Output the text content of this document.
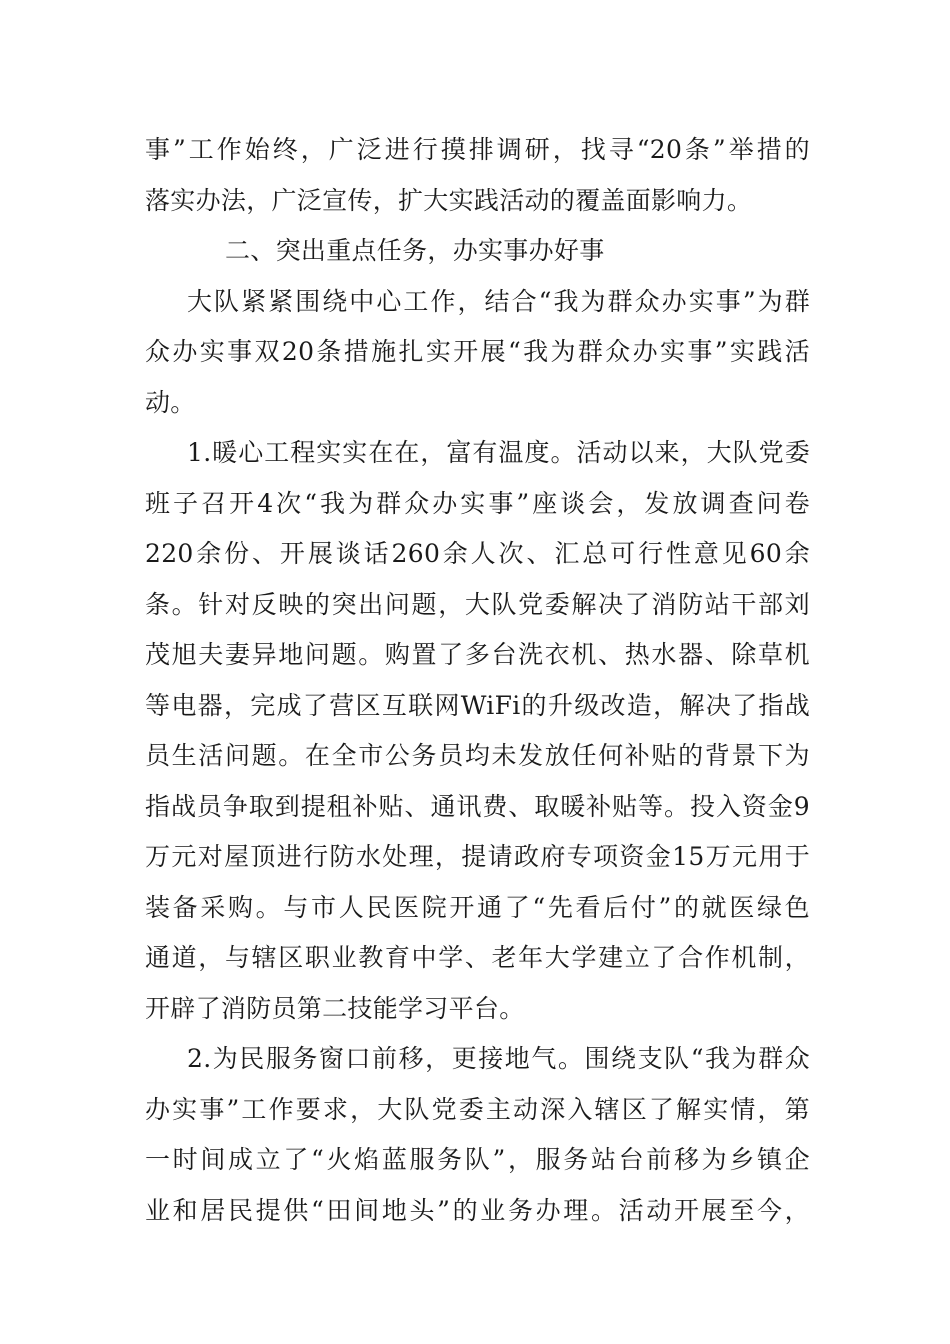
事”工作始终，广泛进行摸排调研，找寻“20条”举措的
落实办法，广泛宣传，扩大实践活动的覆盖面影响力。
二、突出重点任务，办实事办好事
大队紧紧围绕中心工作，结合“我为群众办实事”为群
众办实事双20条措施扎实开展“我为群众办实事”实践活
动。
1.暖心工程实实在在，富有温度。活动以来，大队党委
班子召开4次“我为群众办实事”座谈会，发放调查问卷
220余份、开展谈话260余人次、汇总可行性意见60余
条。针对反映的突出问题，大队党委解决了消防站干部刘
茂旭夫妻异地问题。购置了多台洗衣机、热水器、除草机
等电器，完成了营区互联网WiFi的升级改造，解决了指战
员生活问题。在全市公务员均未发放任何补贴的背景下为
指战员争取到提租补贴、通讯费、取暖补贴等。投入资金9
万元对屋顶进行防水处理，提请政府专项资金15万元用于
装备采购。与市人民医院开通了“先看后付”的就医绿色
通道，与辖区职业教育中学、老年大学建立了合作机制，
开辟了消防员第二技能学习平台。
2.为民服务窗口前移，更接地气。围绕支队“我为群众
办实事”工作要求，大队党委主动深入辖区了解实情，第
一时间成立了“火焰蓝服务队”，服务站台前移为乡镇企
业和居民提供“田间地头”的业务办理。活动开展至今，
